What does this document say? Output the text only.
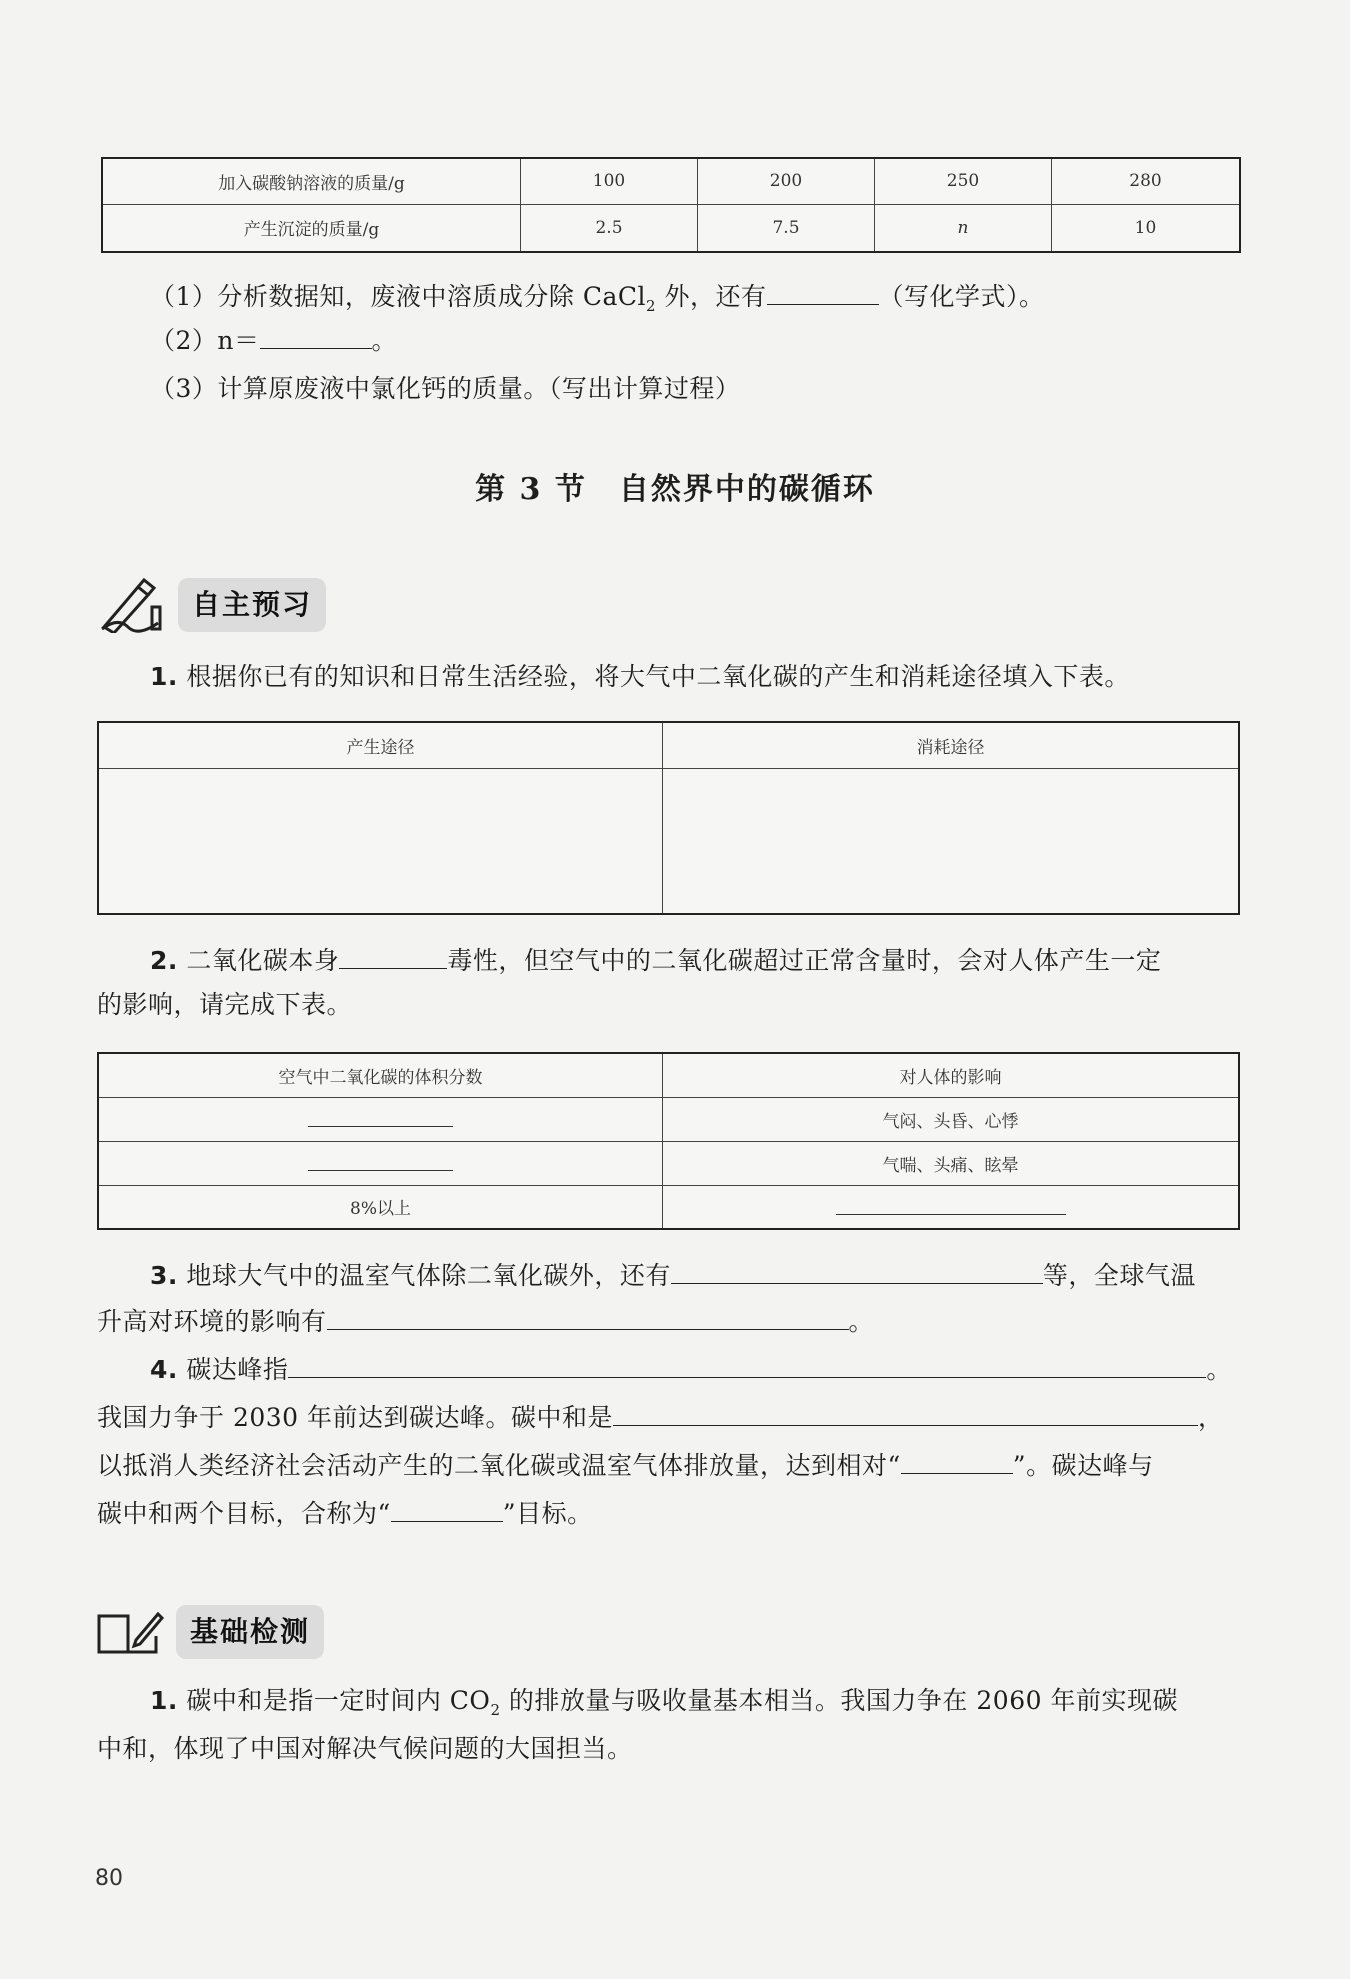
加入碳酸钠溶液的质量/g	100	200	250	280
产生沉淀的质量/g	2.5	7.5	n	10
（1）分析数据知，废液中溶质成分除 CaCl$_2$ 外，还有	（写化学式）。
（2）n＝	。
（3）计算原废液中氯化钙的质量。（写出计算过程）
第 3 节　自然界中的碳循环
自主预习
1. 根据你已有的知识和日常生活经验，将大气中二氧化碳的产生和消耗途径填入下表。
产生途径	消耗途径

2. 二氧化碳本身	毒性，但空气中的二氧化碳超过正常含量时，会对人体产生一定
的影响，请完成下表。
空气中二氧化碳的体积分数	对人体的影响
	气闷、头昏、心悸
	气喘、头痛、眩晕
8%以上	
3. 地球大气中的温室气体除二氧化碳外，还有	等，全球气温
升高对环境的影响有	。
4. 碳达峰指	。
我国力争于 2030 年前达到碳达峰。碳中和是	，
以抵消人类经济社会活动产生的二氧化碳或温室气体排放量，达到相对“	”。碳达峰与
碳中和两个目标，合称为“	”目标。
基础检测
1. 碳中和是指一定时间内 $CO_2$ 的排放量与吸收量基本相当。我国力争在 2060 年前实现碳
中和，体现了中国对解决气候问题的大国担当。
80
